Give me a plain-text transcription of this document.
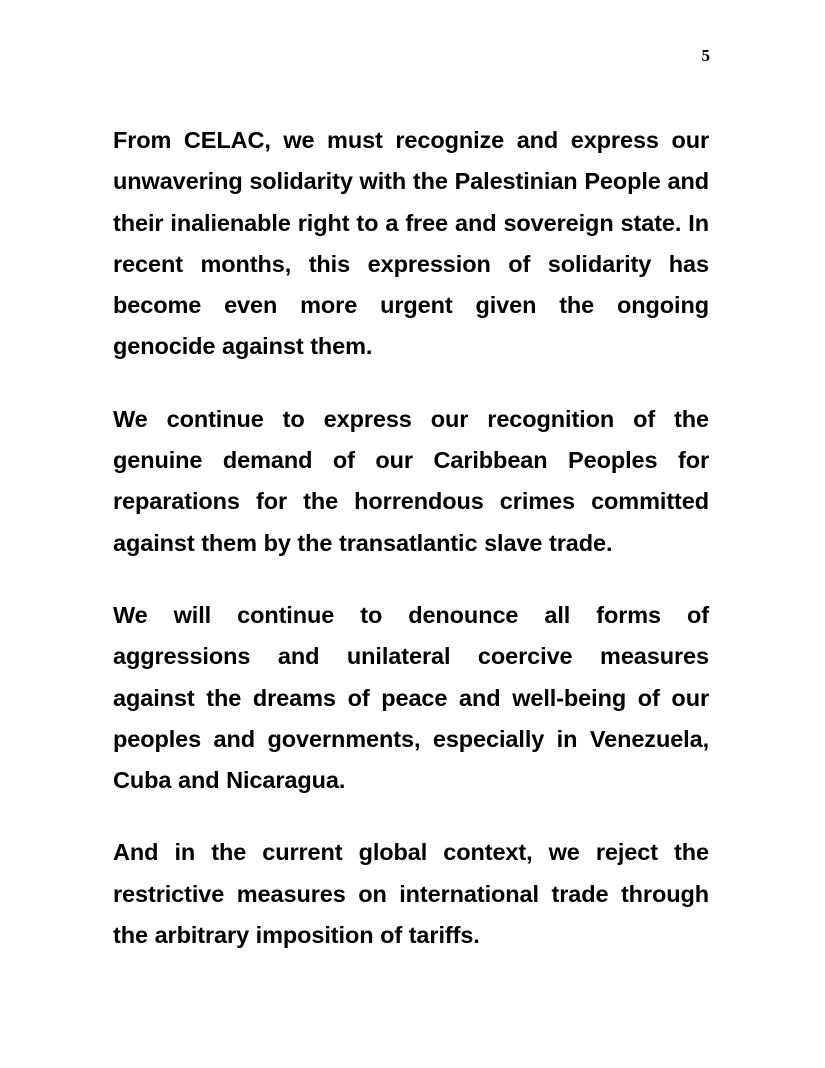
5

From CELAC, we must recognize and express our unwavering solidarity with the Palestinian People and their inalienable right to a free and sovereign state. In recent months, this expression of solidarity has become even more urgent given the ongoing genocide against them.

We continue to express our recognition of the genuine demand of our Caribbean Peoples for reparations for the horrendous crimes committed against them by the transatlantic slave trade.

We will continue to denounce all forms of aggressions and unilateral coercive measures against the dreams of peace and well-being of our peoples and governments, especially in Venezuela, Cuba and Nicaragua.

And in the current global context, we reject the restrictive measures on international trade through the arbitrary imposition of tariffs.
